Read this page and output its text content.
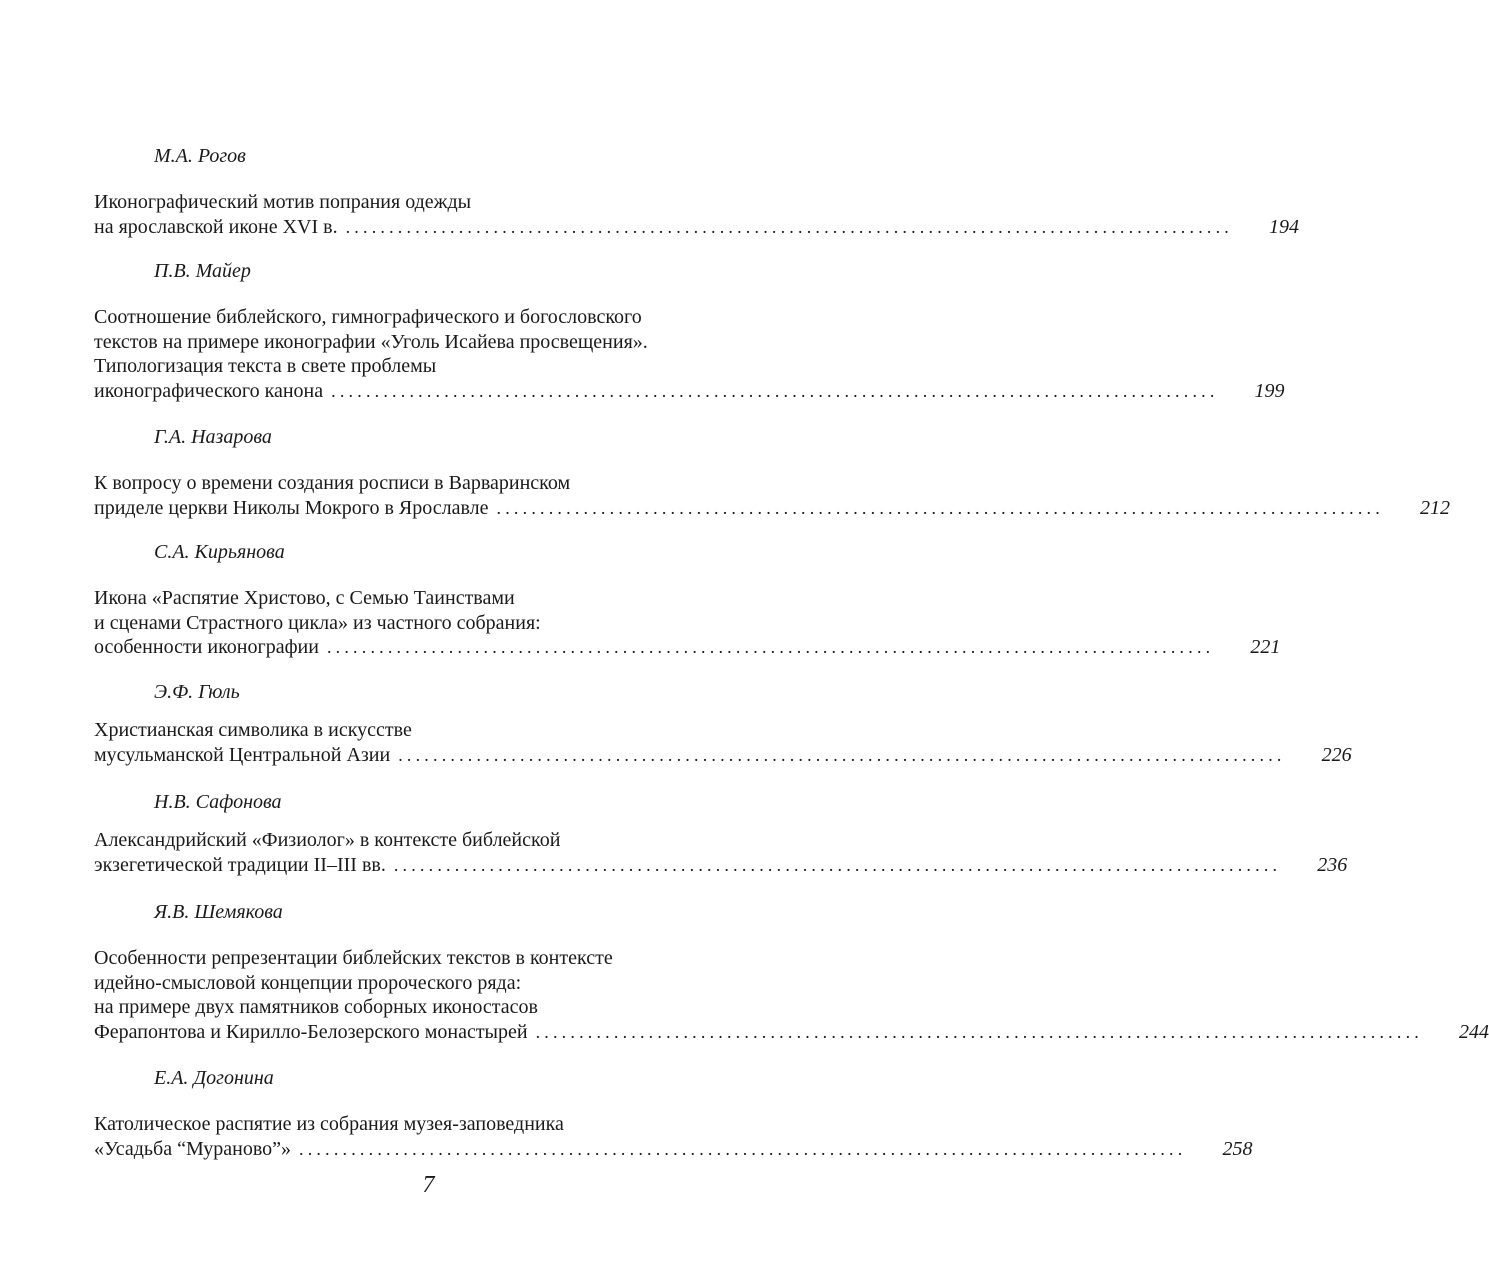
М.А. Рогов
Иконографический мотив попрания одежды
на ярославской иконе XVI в. ...................................................................................................... 194
П.В. Майер
Соотношение библейского, гимнографического и богословского
текстов на примере иконографии «Уголь Исайева просвещения».
Типологизация текста в свете проблемы
иконографического канона ...................................................................................................... 199
Г.А. Назарова
К вопросу о времени создания росписи в Варваринском
приделе церкви Николы Мокрого в Ярославле ...................................................................................................... 212
С.А. Кирьянова
Икона «Распятие Христово, с Семью Таинствами
и сценами Страстного цикла» из частного собрания:
особенности иконографии ...................................................................................................... 221
Э.Ф. Гюль
Христианская символика в искусстве
мусульманской Центральной Азии ...................................................................................................... 226
Н.В. Сафонова
Александрийский «Физиолог» в контексте библейской
экзегетической традиции II–III вв. ...................................................................................................... 236
Я.В. Шемякова
Особенности репрезентации библейских текстов в контексте
идейно-смысловой концепции пророческого ряда:
на примере двух памятников соборных иконостасов
Ферапонтова и Кирилло-Белозерского монастырей ...................................................................................................... 244
Е.А. Догонина
Католическое распятие из собрания музея-заповедника
«Усадьба “Мураново”» ...................................................................................................... 258
7
